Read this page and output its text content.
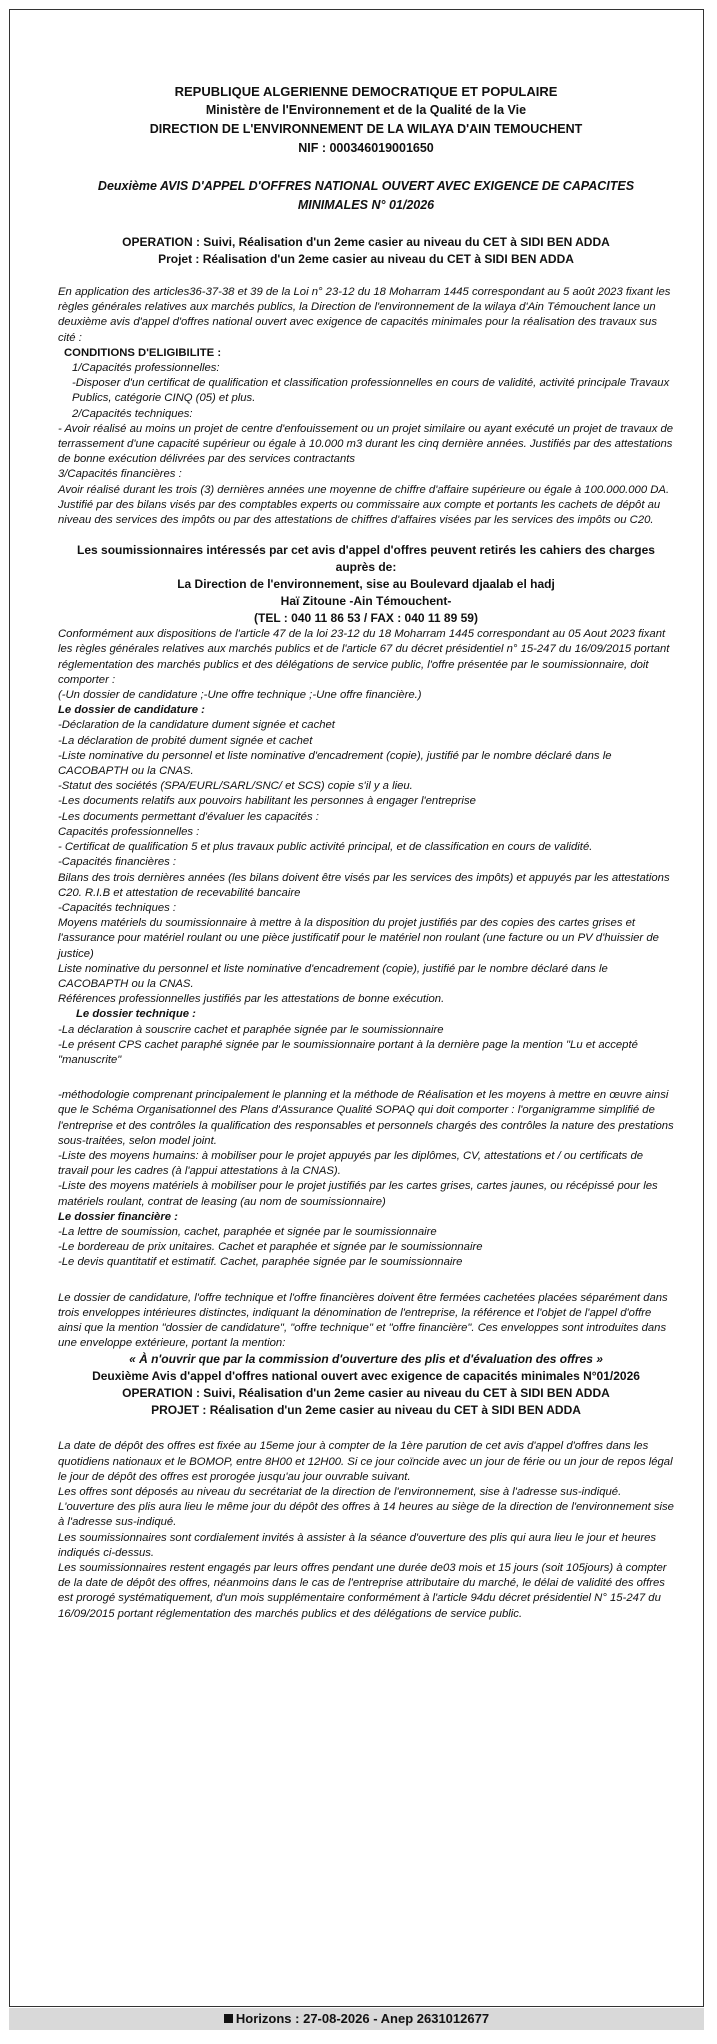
REPUBLIQUE ALGERIENNE DEMOCRATIQUE ET POPULAIRE
Ministère de l'Environnement et de la Qualité de la Vie
DIRECTION DE L'ENVIRONNEMENT DE LA WILAYA D'AIN TEMOUCHENT
NIF : 000346019001650
Deuxième AVIS D'APPEL D'OFFRES NATIONAL OUVERT AVEC EXIGENCE DE CAPACITES MINIMALES N° 01/2026
OPERATION : Suivi, Réalisation d'un 2eme casier au niveau du CET à SIDI BEN ADDA
Projet : Réalisation d'un 2eme casier au niveau du CET à SIDI BEN ADDA

En application des articles36-37-38 et 39 de la Loi n° 23-12 du 18 Moharram 1445 correspondant au 5 août 2023 fixant les règles générales relatives aux marchés publics, la Direction de l'environnement de la wilaya d'Ain Témouchent lance un deuxième avis d'appel d'offres national ouvert avec exigence de capacités minimales pour la réalisation des travaux sus cité :

CONDITIONS D'ELIGIBILITE :

1/Capacités professionnelles:

-Disposer d'un certificat de qualification et classification professionnelles en cours de validité, activité principale Travaux Publics, catégorie CINQ (05) et plus.

2/Capacités techniques:

- Avoir réalisé au moins un projet de centre d'enfouissement ou un projet similaire ou ayant exécuté un projet de travaux de terrassement d'une capacité supérieur ou égale à 10.000 m3 durant les cinq dernière années. Justifiés par des attestations de bonne exécution délivrées par des services contractants

3/Capacités financières :

Avoir réalisé durant les trois (3) dernières années une moyenne de chiffre d'affaire supérieure ou égale à 100.000.000 DA. Justifié par des bilans visés par des comptables experts ou commissaire aux compte et portants les cachets de dépôt au niveau des services des impôts ou par des attestations de chiffres d'affaires visées par les services des impôts ou C20.

Les soumissionnaires intéressés par cet avis d'appel d'offres peuvent retirés les cahiers des charges auprès de:

La Direction de l'environnement, sise au Boulevard djaalab el hadj

Haï Zitoune -Ain Témouchent-

(TEL : 040 11 86 53 / FAX : 040 11 89 59)

Conformément aux dispositions de l'article 47 de la loi 23-12 du 18 Moharram 1445 correspondant au 05 Aout 2023 fixant les règles générales relatives aux marchés publics et de l'article 67 du décret présidentiel n° 15-247 du 16/09/2015 portant réglementation des marchés publics et des délégations de service public, l'offre présentée par le soumissionnaire, doit comporter :

(-Un dossier de candidature ;-Une offre technique ;-Une offre financière.)

Le dossier de candidature :

-Déclaration de la candidature dument signée et cachet

-La déclaration de probité dument signée et cachet

-Liste nominative du personnel et liste nominative d'encadrement (copie), justifié par le nombre déclaré dans le CACOBAPTH ou la CNAS.

-Statut des sociétés (SPA/EURL/SARL/SNC/ et SCS) copie s'il y a lieu.

-Les documents relatifs aux pouvoirs habilitant les personnes à engager l'entreprise

-Les documents permettant d'évaluer les capacités :

Capacités professionnelles :

- Certificat de qualification 5 et plus travaux public activité principal, et de classification en cours de validité.

-Capacités financières :

Bilans des trois dernières années (les bilans doivent être visés par les services des impôts) et appuyés par les attestations C20. R.I.B et attestation de recevabilité bancaire

-Capacités techniques :

Moyens matériels du soumissionnaire à mettre à la disposition du projet justifiés par des copies des cartes grises et l'assurance pour matériel roulant ou une pièce justificatif pour le matériel non roulant (une facture ou un PV d'huissier de justice)

Liste nominative du personnel et liste nominative d'encadrement (copie), justifié par le nombre déclaré dans le CACOBAPTH ou la CNAS.

Références professionnelles justifiés par les attestations de bonne exécution.

Le dossier technique :

-La déclaration à souscrire cachet et paraphée signée par le soumissionnaire

-Le présent CPS cachet paraphé signée par le soumissionnaire portant à la dernière page la mention "Lu et accepté "manuscrite"

-méthodologie comprenant principalement le planning et la méthode de Réalisation et les moyens à mettre en œuvre ainsi que le Schéma Organisationnel des Plans d'Assurance Qualité SOPAQ qui doit comporter : l'organigramme simplifié de l'entreprise et des contrôles la qualification des responsables et personnels chargés des contrôles la nature des prestations sous-traitées, selon model joint.

-Liste des moyens humains: à mobiliser pour le projet appuyés par les diplômes, CV, attestations et / ou certificats de travail pour les cadres (à l'appui attestations à la CNAS).

-Liste des moyens matériels à mobiliser pour le projet justifiés par les cartes grises, cartes jaunes, ou récépissé pour les matériels roulant, contrat de leasing (au nom de soumissionnaire)

Le dossier financière :

-La lettre de soumission, cachet, paraphée et signée par le soumissionnaire

-Le bordereau de prix unitaires. Cachet et paraphée et signée par le soumissionnaire

-Le devis quantitatif et estimatif. Cachet, paraphée signée par le soumissionnaire

Le dossier de candidature, l'offre technique et l'offre financières doivent être fermées cachetées placées séparément dans trois enveloppes intérieures distinctes, indiquant la dénomination de l'entreprise, la référence et l'objet de l'appel d'offre ainsi que la mention "dossier de candidature", "offre technique" et "offre financière". Ces enveloppes sont introduites dans une enveloppe extérieure, portant la mention:

« À n'ouvrir que par la commission d'ouverture des plis et d'évaluation des offres »

Deuxième Avis d'appel d'offres national ouvert avec exigence de capacités minimales N°01/2026

OPERATION : Suivi, Réalisation d'un 2eme casier au niveau du CET à SIDI BEN ADDA

PROJET : Réalisation d'un 2eme casier au niveau du CET à SIDI BEN ADDA

La date de dépôt des offres est fixée au 15eme jour à compter de la 1ère parution de cet avis d'appel d'offres dans les quotidiens nationaux et le BOMOP, entre 8H00 et 12H00. Si ce jour coïncide avec un jour de férie ou un jour de repos légal le jour de dépôt des offres est prorogée jusqu'au jour ouvrable suivant.

Les offres sont déposés au niveau du secrétariat de la direction de l'environnement, sise à l'adresse sus-indiqué.

L'ouverture des plis aura lieu le même jour du dépôt des offres à 14 heures au siège de la direction de l'environnement sise à l'adresse sus-indiqué.

Les soumissionnaires sont cordialement invités à assister à la séance d'ouverture des plis qui aura lieu le jour et heures indiqués ci-dessus.

Les soumissionnaires restent engagés par leurs offres pendant une durée de03 mois et 15 jours (soit 105jours) à compter de la date de dépôt des offres, néanmoins dans le cas de l'entreprise attributaire du marché, le délai de validité des offres est prorogé systématiquement, d'un mois supplémentaire conformément à l'article 94du décret présidentiel N° 15-247 du 16/09/2015 portant réglementation des marchés publics et des délégations de service public.

Horizons : 27-08-2026 - Anep 2631012677
